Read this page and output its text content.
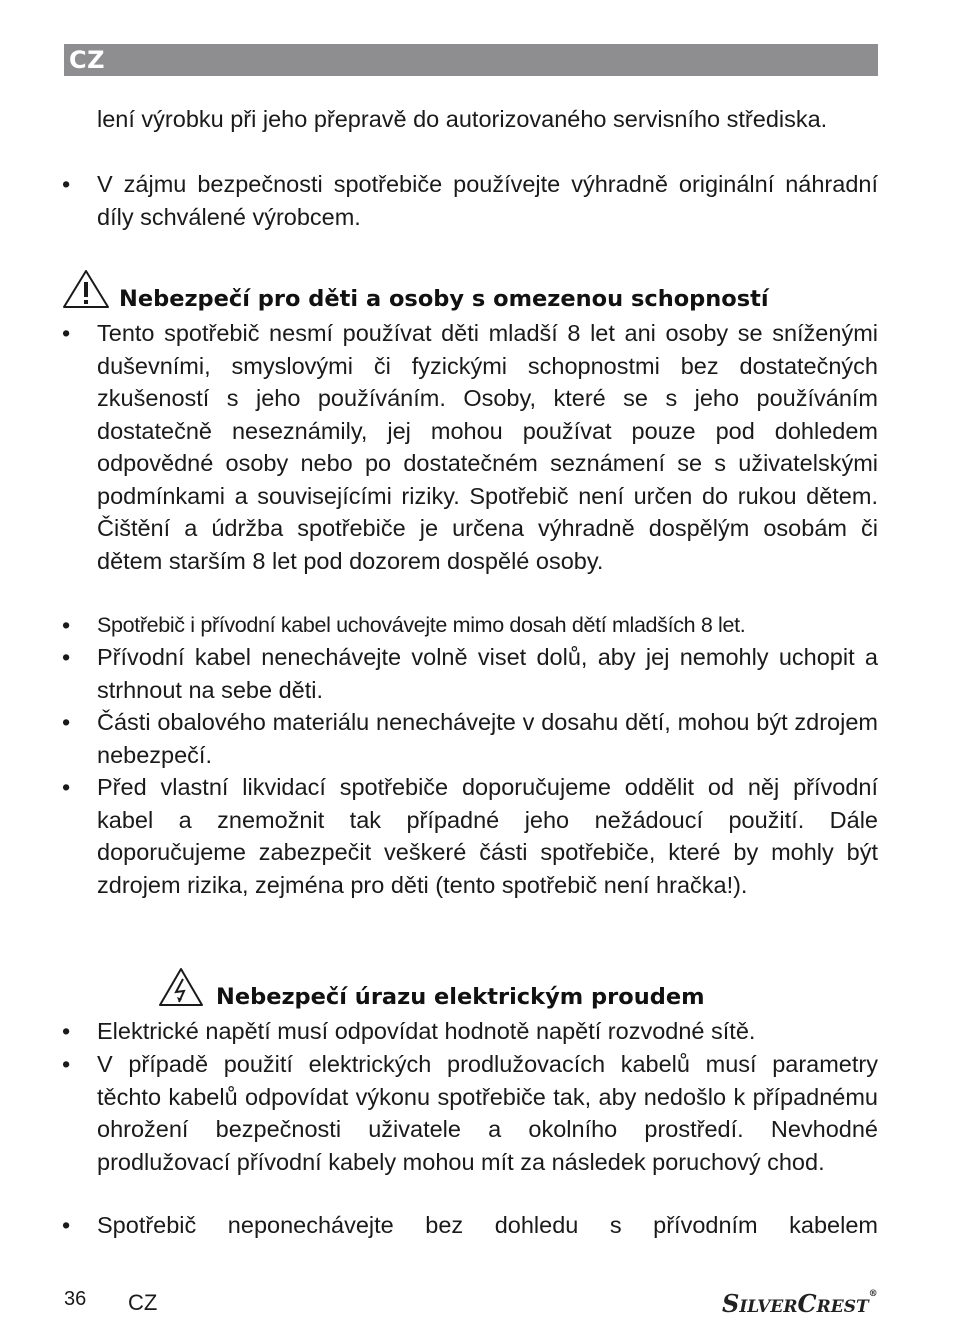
CZ

lení výrobku při jeho přepravě do autorizovaného servisního střediska.

• V zájmu bezpečnosti spotřebiče používejte výhradně originální náhradní díly schválené výrobcem.

Nebezpečí pro děti a osoby s omezenou schopností
• Tento spotřebič nesmí používat děti mladší 8 let ani osoby se sníženými duševními, smyslovými či fyzickými schopnostmi bez dostatečných zkušeností s jeho používáním. Osoby, které se s jeho používáním dostatečně neseznámily, jej mohou používat pouze pod dohledem odpovědné osoby nebo po dostatečném seznámení se s uživatelskými podmínkami a souvisejícími riziky. Spotřebič není určen do rukou dětem. Čištění a údržba spotřebiče je určena výhradně dospělým osobám či dětem starším 8 let pod dozorem dospělé osoby.

• Spotřebič i přívodní kabel uchovávejte mimo dosah dětí mladších 8 let.

• Přívodní kabel nenechávejte volně viset dolů, aby jej nemohly uchopit a strhnout na sebe děti.

• Části obalového materiálu nenechávejte v dosahu dětí, mohou být zdrojem nebezpečí.

• Před vlastní likvidací spotřebiče doporučujeme oddělit od něj přívodní kabel a znemožnit tak případné jeho nežádoucí použití. Dále doporučujeme zabezpečit veškeré části spotřebiče, které by mohly být zdrojem rizika, zejména pro děti (tento spotřebič není hračka!).

Nebezpečí úrazu elektrickým proudem
• Elektrické napětí musí odpovídat hodnotě napětí rozvodné sítě.

• V případě použití elektrických prodlužovacích kabelů musí parametry těchto kabelů odpovídat výkonu spotřebiče tak, aby nedošlo k případnému ohrožení bezpečnosti uživatele a okolního prostředí. Nevhodné prodlužovací přívodní kabely mohou mít za následek poruchový chod.

• Spotřebič neponechávejte bez dohledu s přívodním kabelem

36 CZ	SILVERCREST®
